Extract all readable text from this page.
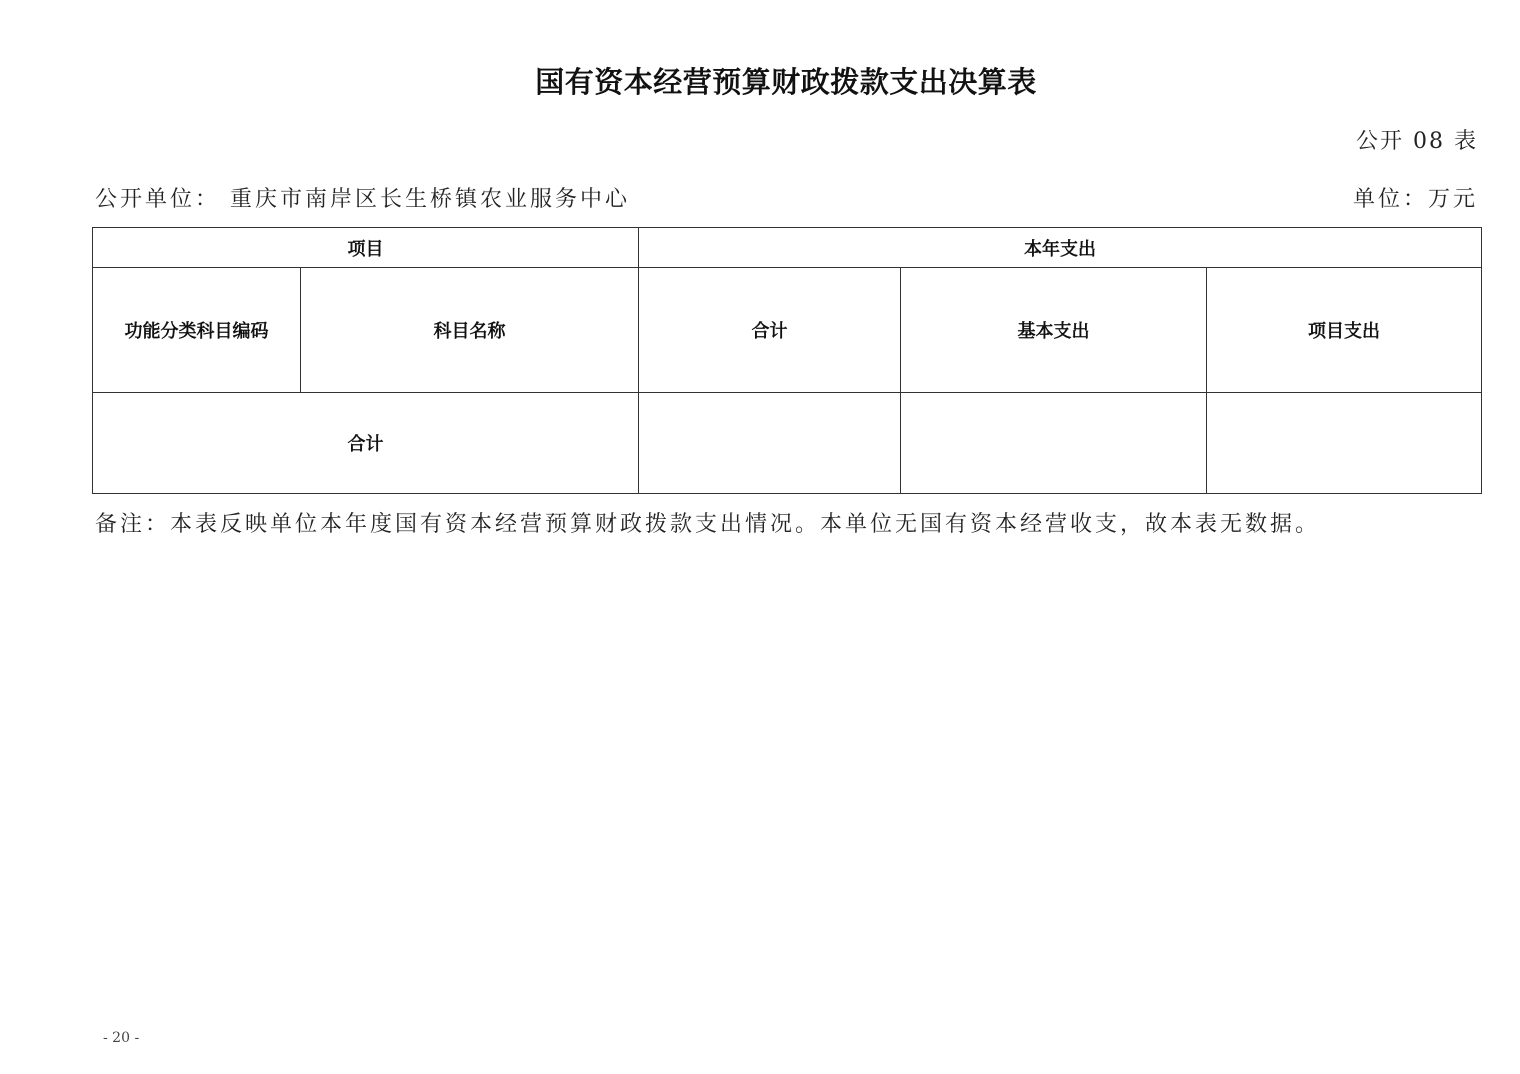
国有资本经营预算财政拨款支出决算表
公开 08 表
公开单位： 重庆市南岸区长生桥镇农业服务中心	单位：万元
项目		本年支出		
功能分类科目编码	科目名称	合计	基本支出	项目支出
合计				
备注：本表反映单位本年度国有资本经营预算财政拨款支出情况。本单位无国有资本经营收支，故本表无数据。
- 20 -
